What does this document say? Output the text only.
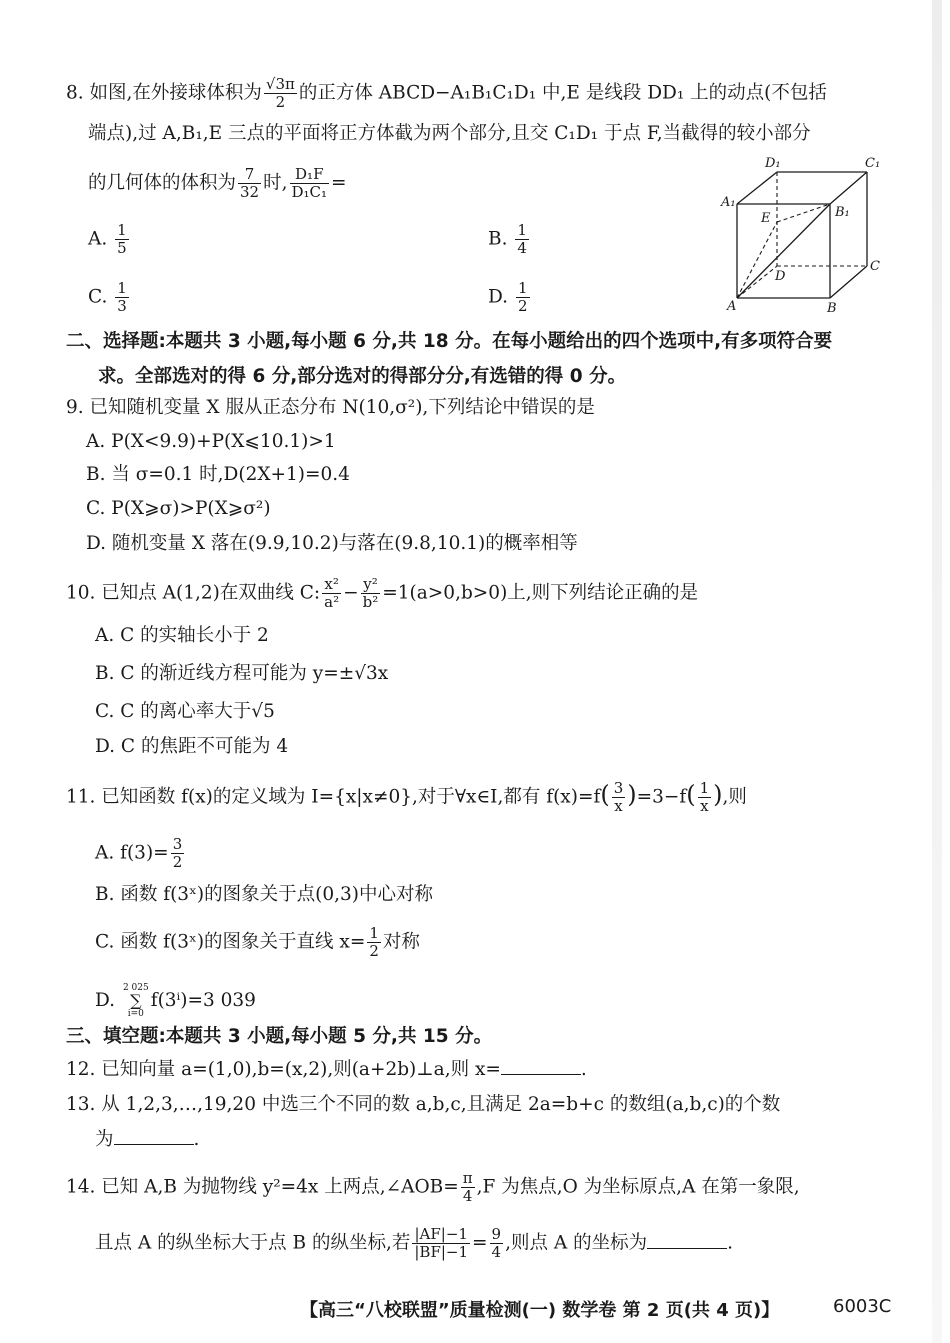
8. 如图,在外接球体积为 $\frac{√3\pi}{2}$ 的正方体 ABCD−A₁B₁C₁D₁ 中,E 是线段 DD₁ 上的动点(不包括
端点),过 A,B₁,E 三点的平面将正方体截为两个部分,且交 C₁D₁ 于点 F,当截得的较小部分
的几何体的体积为 $\frac{7}{32}$ 时, $\frac{\text{D₁F}}{\text{D₁C₁}}$ =
A. $\frac{1}{5}$	B. $\frac{1}{4}$
C. $\frac{1}{3}$	D. $\frac{1}{2}$
D₁	C₁
A₁
E	B₁
D
C
A	B
二、选择题:本题共 3 小题,每小题 6 分,共 18 分。在每小题给出的四个选项中,有多项符合要
求。全部选对的得 6 分,部分选对的得部分分,有选错的得 0 分。
9. 已知随机变量 X 服从正态分布 N(10,σ²),下列结论中错误的是
A. P(X<9.9)+P(X⩽10.1)>1
B. 当 σ=0.1 时,D(2X+1)=0.4
C. P(X⩾σ)>P(X⩾σ²)
D. 随机变量 X 落在(9.9,10.2)与落在(9.8,10.1)的概率相等
10. 已知点 A(1,2)在双曲线 C: $\frac{\text{x²}}{\text{a²}} - \frac{\text{y²}}{\text{b²}} =1(a>0,b>0)$上,则下列结论正确的是
A. C 的实轴长小于 2
B. C 的渐近线方程可能为 y=±√3x
C. C 的离心率大于√5
D. C 的焦距不可能为 4
11. 已知函数 f(x)的定义域为 I={x|x≠0},对于∀x∈I,都有 $f(x)=f( \frac{3}{x} )=3-f( \frac{1}{x}$ ),则
A. $f(3)= \frac{3}{2}$
B. 函数 f(3ˣ)的图象关于点(0,3)中心对称
C. 函数 f(3ˣ)的图象关于直线 $x= \frac{1}{2}$ 对称
D.
2 025
∑
i=0
f(3ⁱ)=3 039
三、填空题:本题共 3 小题,每小题 5 分,共 15 分。
12. 已知向量 a=(1,0),b=(x,2),则(a+2b)⊥a,则 x=	.
13. 从 1,2,3,…,19,20 中选三个不同的数 a,b,c,且满足 2a=b+c 的数组(a,b,c)的个数
为	.
14. 已知 A,B 为抛物线 y²=4x 上两点,∠AOB= $\frac{\pi}{4} ,F$ 为焦点,O 为坐标原点,A 在第一象限,
且点 A 的纵坐标大于点 B 的纵坐标,若 $\frac{|AF|-1}{|BF|-1} = \frac{9}{4}$ ,则点 A 的坐标为	.
【高三“八校联盟”质量检测(一) 数学卷 第 2 页(共 4 页)】	6003C
